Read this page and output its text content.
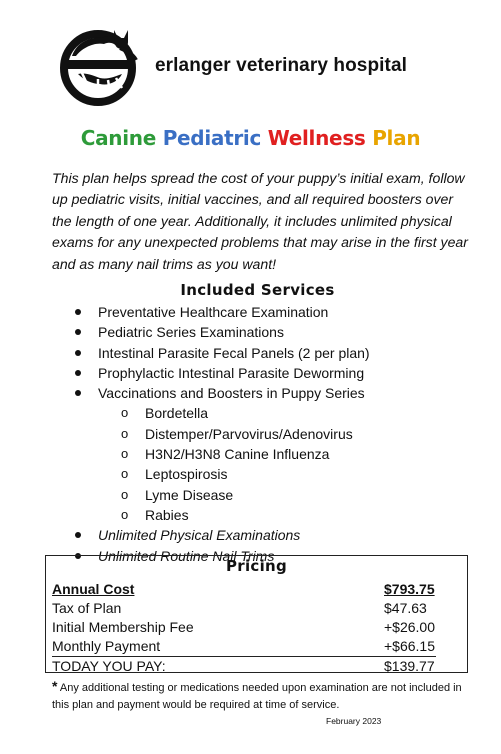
erlanger veterinary hospital
Canine Pediatric Wellness Plan
This plan helps spread the cost of your puppy’s initial exam, follow up pediatric visits, initial vaccines, and all required boosters over the length of one year. Additionally, it includes unlimited physical exams for any unexpected problems that may arise in the first year and as many nail trims as you want!
Included Services
Preventative Healthcare Examination
Pediatric Series Examinations
Intestinal Parasite Fecal Panels (2 per plan)
Prophylactic Intestinal Parasite Deworming
Vaccinations and Boosters in Puppy Series
o Bordetella
o Distemper/Parvovirus/Adenovirus
o H3N2/H3N8 Canine Influenza
o Leptospirosis
o Lyme Disease
o Rabies
Unlimited Physical Examinations
Unlimited Routine Nail Trims
Pricing
Annual Cost	$793.75
Tax of Plan	$47.63
Initial Membership Fee	+$26.00
Monthly Payment	+$66.15
TODAY YOU PAY:	$139.77
* Any additional testing or medications needed upon examination are not included in this plan and payment would be required at time of service.
February 2023
